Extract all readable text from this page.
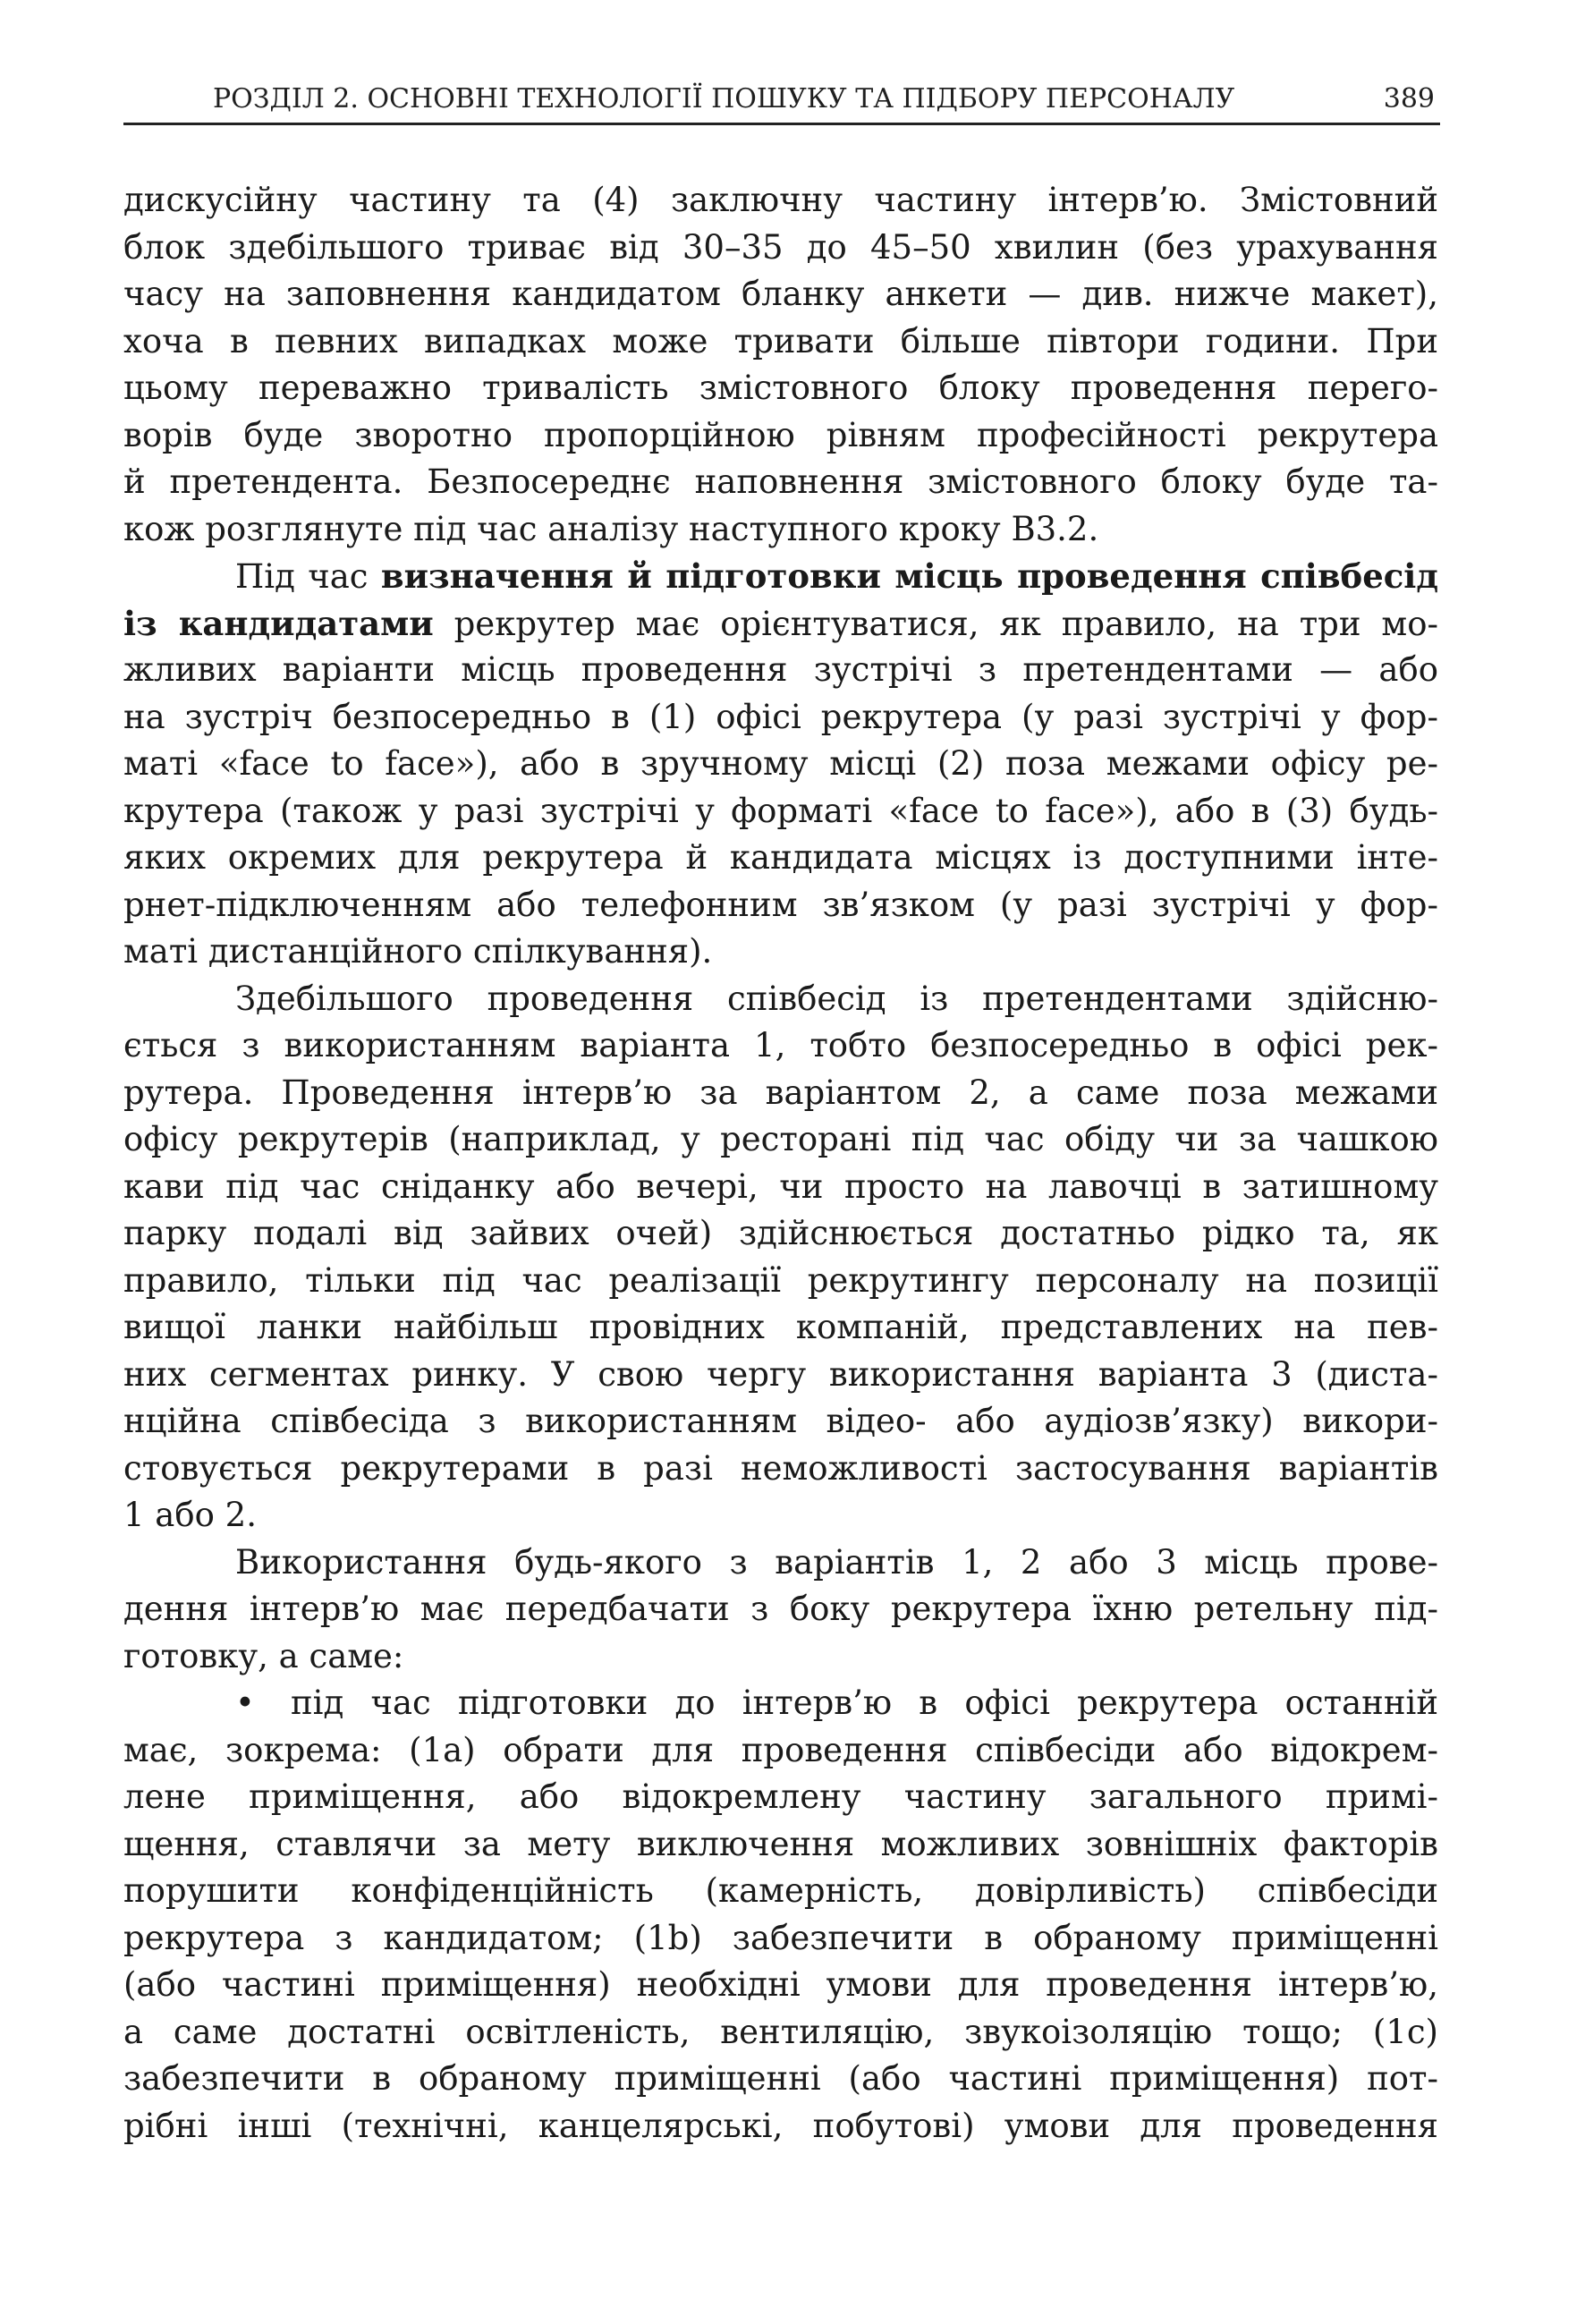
РОЗДІЛ 2. ОСНОВНІ ТЕХНОЛОГІЇ ПОШУКУ ТА ПІДБОРУ ПЕРСОНАЛУ	389
дискусійну частину та (4) заключну частину інтерв’ю. Змістовний
блок здебільшого триває від 30–35 до 45–50 хвилин (без урахування
часу на заповнення кандидатом бланку анкети — див. нижче макет),
хоча в певних випадках може тривати більше півтори години. При
цьому переважно тривалість змістовного блоку проведення перего-
ворів буде зворотно пропорційною рівням професійності рекрутера
й претендента. Безпосереднє наповнення змістовного блоку буде та-
кож розглянуте під час аналізу наступного кроку В3.2.
Під час визначення й підготовки місць проведення співбесід
із кандидатами рекрутер має орієнтуватися, як правило, на три мо-
жливих варіанти місць проведення зустрічі з претендентами — або
на зустріч безпосередньо в (1) офісі рекрутера (у разі зустрічі у фор-
маті «face to face»), або в зручному місці (2) поза межами офісу ре-
крутера (також у разі зустрічі у форматі «face to face»), або в (3) будь-
яких окремих для рекрутера й кандидата місцях із доступними інте-
рнет-підключенням або телефонним зв’язком (у разі зустрічі у фор-
маті дистанційного спілкування).
Здебільшого проведення співбесід із претендентами здійсню-
ється з використанням варіанта 1, тобто безпосередньо в офісі рек-
рутера. Проведення інтерв’ю за варіантом 2, а саме поза межами
офісу рекрутерів (наприклад, у ресторані під час обіду чи за чашкою
кави під час сніданку або вечері, чи просто на лавочці в затишному
парку подалі від зайвих очей) здійснюється достатньо рідко та, як
правило, тільки під час реалізації рекрутингу персоналу на позиції
вищої ланки найбільш провідних компаній, представлених на пев-
них сегментах ринку. У свою чергу використання варіанта 3 (диста-
нційна співбесіда з використанням відео- або аудіозв’язку) викори-
стовується рекрутерами в разі неможливості застосування варіантів
1 або 2.
Використання будь-якого з варіантів 1, 2 або 3 місць прове-
дення інтерв’ю має передбачати з боку рекрутера їхню ретельну під-
готовку, а саме:
• під час підготовки до інтерв’ю в офісі рекрутера останній
має, зокрема: (1a) обрати для проведення співбесіди або відокрем-
лене приміщення, або відокремлену частину загального примі-
щення, ставлячи за мету виключення можливих зовнішніх факторів
порушити конфіденційність (камерність, довірливість) співбесіди
рекрутера з кандидатом; (1b) забезпечити в обраному приміщенні
(або частині приміщення) необхідні умови для проведення інтерв’ю,
а саме достатні освітленість, вентиляцію, звукоізоляцію тощо; (1c)
забезпечити в обраному приміщенні (або частині приміщення) пот-
рібні інші (технічні, канцелярські, побутові) умови для проведення
